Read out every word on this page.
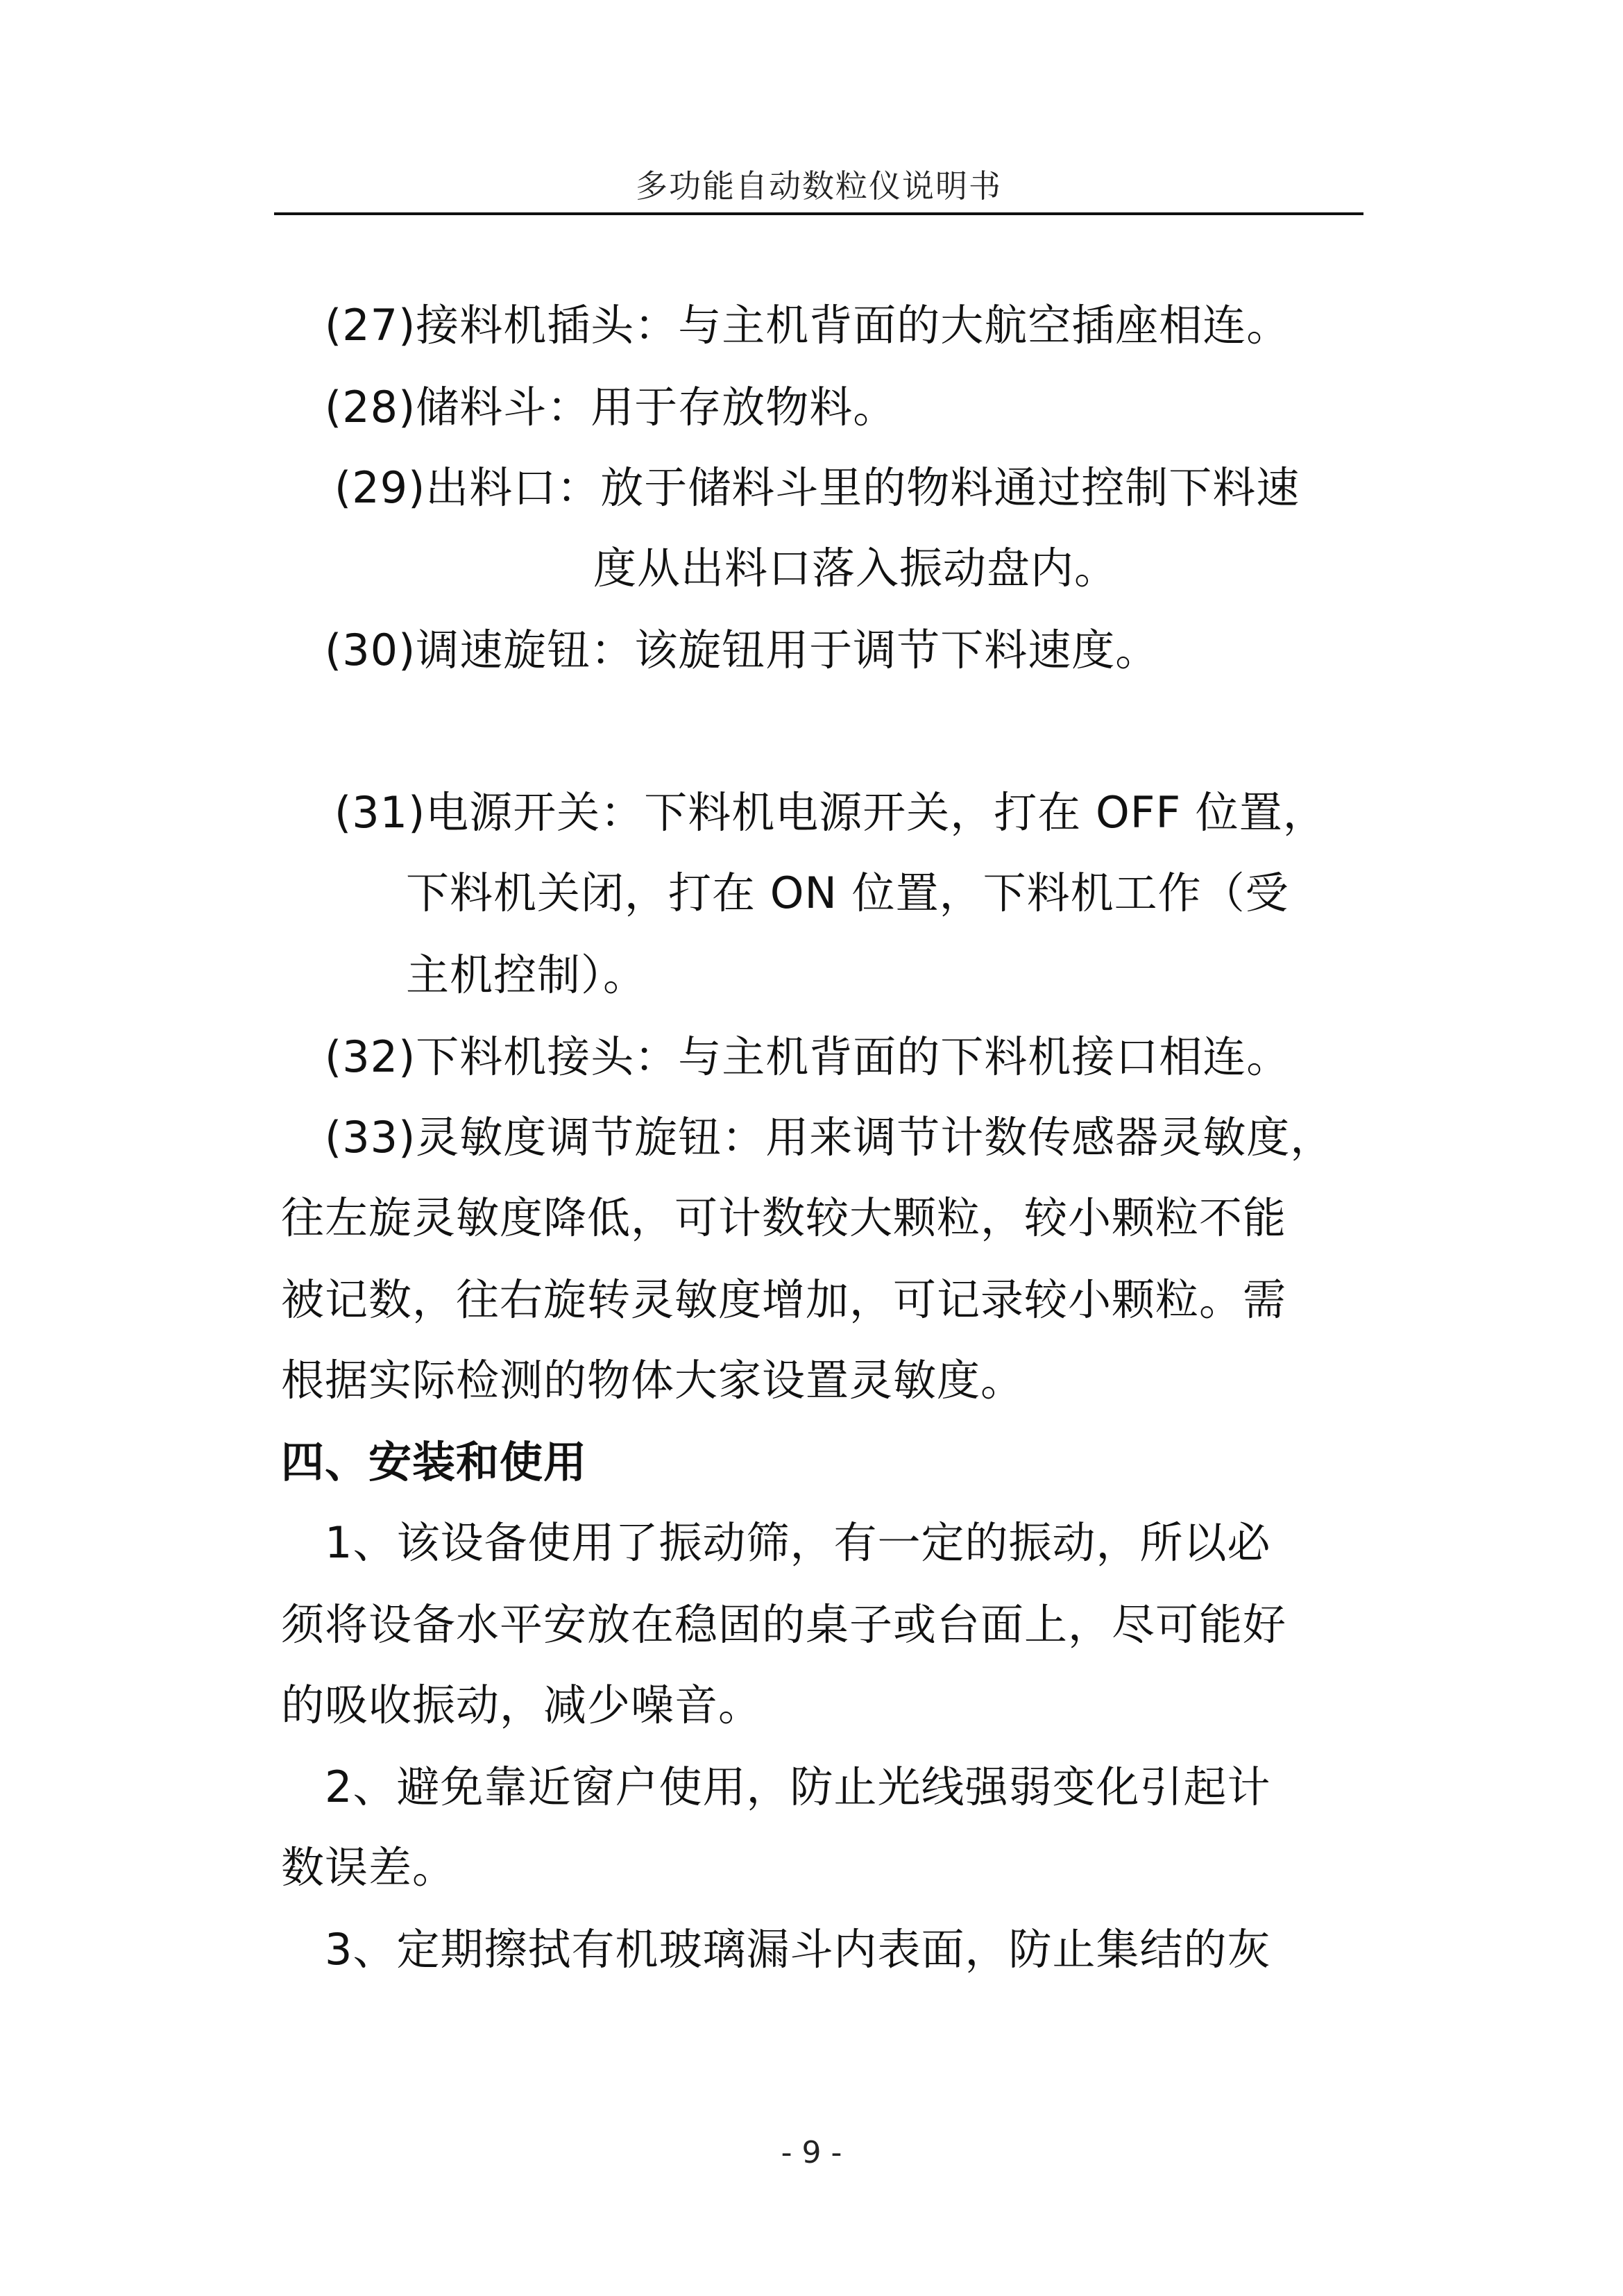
多功能自动数粒仪说明书
(27)接料机插头：与主机背面的大航空插座相连。
(28)储料斗：用于存放物料。
(29)出料口：放于储料斗里的物料通过控制下料速
度从出料口落入振动盘内。
(30)调速旋钮：该旋钮用于调节下料速度。
(31)电源开关：下料机电源开关，打在 OFF 位置，
下料机关闭，打在 ON 位置，下料机工作（受
主机控制）。
(32)下料机接头：与主机背面的下料机接口相连。
(33)灵敏度调节旋钮：用来调节计数传感器灵敏度，
往左旋灵敏度降低，可计数较大颗粒，较小颗粒不能
被记数，往右旋转灵敏度增加，可记录较小颗粒。需
根据实际检测的物体大家设置灵敏度。
四、安装和使用
1、该设备使用了振动筛，有一定的振动，所以必
须将设备水平安放在稳固的桌子或台面上，尽可能好
的吸收振动，减少噪音。
2、避免靠近窗户使用，防止光线强弱变化引起计
数误差。
3、定期擦拭有机玻璃漏斗内表面，防止集结的灰
- 9 -
